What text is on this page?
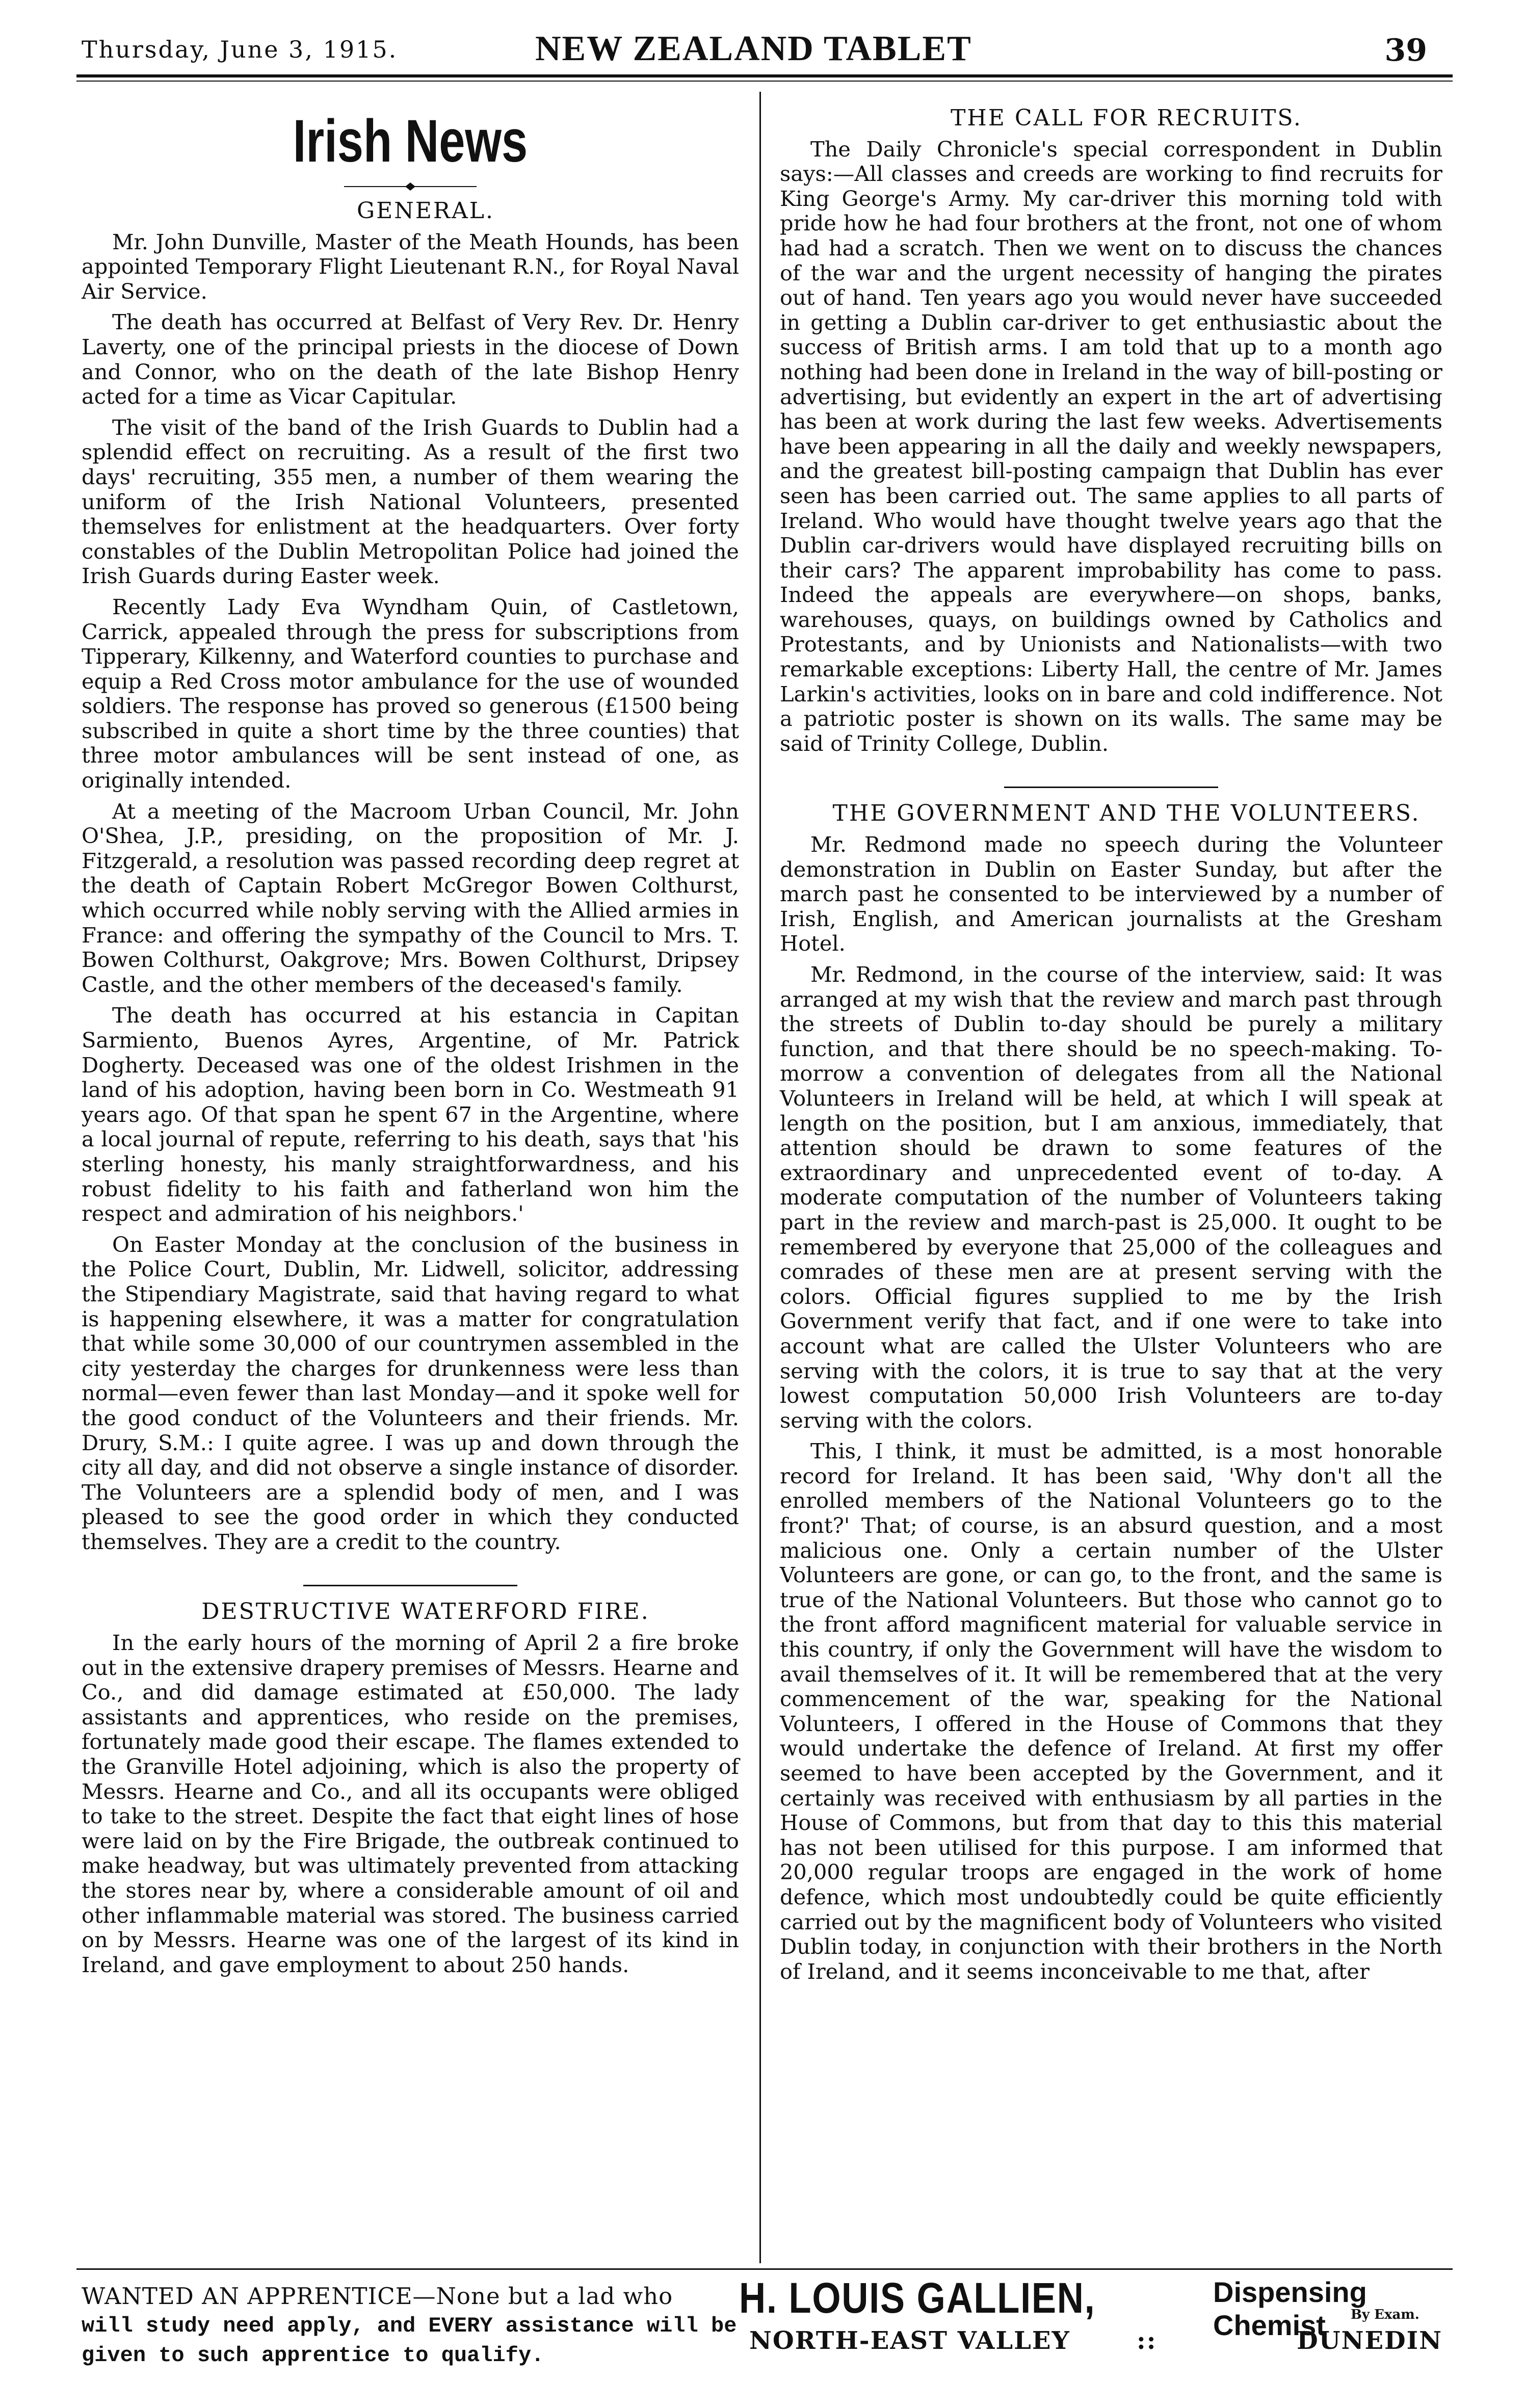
Thursday, June 3, 1915.	NEW ZEALAND TABLET	39
Irish News

GENERAL.

Mr. John Dunville, Master of the Meath Hounds, has been appointed Temporary Flight Lieutenant R.N., for Royal Naval Air Service.

The death has occurred at Belfast of Very Rev. Dr. Henry Laverty, one of the principal priests in the diocese of Down and Connor, who on the death of the late Bishop Henry acted for a time as Vicar Capitular.

The visit of the band of the Irish Guards to Dublin had a splendid effect on recruiting. As a result of the first two days' recruiting, 355 men, a number of them wearing the uniform of the Irish National Volunteers, presented themselves for enlistment at the headquarters. Over forty constables of the Dublin Metropolitan Police had joined the Irish Guards during Easter week.

Recently Lady Eva Wyndham Quin, of Castletown, Carrick, appealed through the press for subscriptions from Tipperary, Kilkenny, and Waterford counties to purchase and equip a Red Cross motor ambulance for the use of wounded soldiers. The response has proved so generous (£1500 being subscribed in quite a short time by the three counties) that three motor ambulances will be sent instead of one, as originally intended.

At a meeting of the Macroom Urban Council, Mr. John O'Shea, J.P., presiding, on the proposition of Mr. J. Fitzgerald, a resolution was passed recording deep regret at the death of Captain Robert McGregor Bowen Colthurst, which occurred while nobly serving with the Allied armies in France: and offering the sympathy of the Council to Mrs. T. Bowen Colthurst, Oakgrove; Mrs. Bowen Colthurst, Dripsey Castle, and the other members of the deceased's family.

The death has occurred at his estancia in Capitan Sarmiento, Buenos Ayres, Argentine, of Mr. Patrick Dogherty. Deceased was one of the oldest Irishmen in the land of his adoption, having been born in Co. Westmeath 91 years ago. Of that span he spent 67 in the Argentine, where a local journal of repute, referring to his death, says that 'his sterling honesty, his manly straightforwardness, and his robust fidelity to his faith and fatherland won him the respect and admiration of his neighbors.'

On Easter Monday at the conclusion of the business in the Police Court, Dublin, Mr. Lidwell, solicitor, addressing the Stipendiary Magistrate, said that having regard to what is happening elsewhere, it was a matter for congratulation that while some 30,000 of our countrymen assembled in the city yesterday the charges for drunkenness were less than normal—even fewer than last Monday—and it spoke well for the good conduct of the Volunteers and their friends. Mr. Drury, S.M.: I quite agree. I was up and down through the city all day, and did not observe a single instance of disorder. The Volunteers are a splendid body of men, and I was pleased to see the good order in which they conducted themselves. They are a credit to the country.

DESTRUCTIVE WATERFORD FIRE.

In the early hours of the morning of April 2 a fire broke out in the extensive drapery premises of Messrs. Hearne and Co., and did damage estimated at £50,000. The lady assistants and apprentices, who reside on the premises, fortunately made good their escape. The flames extended to the Granville Hotel adjoining, which is also the property of Messrs. Hearne and Co., and all its occupants were obliged to take to the street. Despite the fact that eight lines of hose were laid on by the Fire Brigade, the outbreak continued to make headway, but was ultimately prevented from attacking the stores near by, where a considerable amount of oil and other inflammable material was stored. The business carried on by Messrs. Hearne was one of the largest of its kind in Ireland, and gave employment to about 250 hands.

THE CALL FOR RECRUITS.

The Daily Chronicle's special correspondent in Dublin says:—All classes and creeds are working to find recruits for King George's Army. My car-driver this morning told with pride how he had four brothers at the front, not one of whom had had a scratch. Then we went on to discuss the chances of the war and the urgent necessity of hanging the pirates out of hand. Ten years ago you would never have succeeded in getting a Dublin car-driver to get enthusiastic about the success of British arms. I am told that up to a month ago nothing had been done in Ireland in the way of bill-posting or advertising, but evidently an expert in the art of advertising has been at work during the last few weeks. Advertisements have been appearing in all the daily and weekly newspapers, and the greatest bill-posting campaign that Dublin has ever seen has been carried out. The same applies to all parts of Ireland. Who would have thought twelve years ago that the Dublin car-drivers would have displayed recruiting bills on their cars? The apparent improbability has come to pass. Indeed the appeals are everywhere—on shops, banks, warehouses, quays, on buildings owned by Catholics and Protestants, and by Unionists and Nationalists—with two remarkable exceptions: Liberty Hall, the centre of Mr. James Larkin's activities, looks on in bare and cold indifference. Not a patriotic poster is shown on its walls. The same may be said of Trinity College, Dublin.

THE GOVERNMENT AND THE VOLUNTEERS.

Mr. Redmond made no speech during the Volunteer demonstration in Dublin on Easter Sunday, but after the march past he consented to be interviewed by a number of Irish, English, and American journalists at the Gresham Hotel.

Mr. Redmond, in the course of the interview, said: It was arranged at my wish that the review and march past through the streets of Dublin to-day should be purely a military function, and that there should be no speech-making. To-morrow a convention of delegates from all the National Volunteers in Ireland will be held, at which I will speak at length on the position, but I am anxious, immediately, that attention should be drawn to some features of the extraordinary and unprecedented event of to-day. A moderate computation of the number of Volunteers taking part in the review and march-past is 25,000. It ought to be remembered by everyone that 25,000 of the colleagues and comrades of these men are at present serving with the colors. Official figures supplied to me by the Irish Government verify that fact, and if one were to take into account what are called the Ulster Volunteers who are serving with the colors, it is true to say that at the very lowest computation 50,000 Irish Volunteers are to-day serving with the colors.

This, I think, it must be admitted, is a most honorable record for Ireland. It has been said, 'Why don't all the enrolled members of the National Volunteers go to the front?' That; of course, is an absurd question, and a most malicious one. Only a certain number of the Ulster Volunteers are gone, or can go, to the front, and the same is true of the National Volunteers. But those who cannot go to the front afford magnificent material for valuable service in this country, if only the Government will have the wisdom to avail themselves of it. It will be remembered that at the very commencement of the war, speaking for the National Volunteers, I offered in the House of Commons that they would undertake the defence of Ireland. At first my offer seemed to have been accepted by the Government, and it certainly was received with enthusiasm by all parties in the House of Commons, but from that day to this this material has not been utilised for this purpose. I am informed that 20,000 regular troops are engaged in the work of home defence, which most undoubtedly could be quite efficiently carried out by the magnificent body of Volunteers who visited Dublin today, in conjunction with their brothers in the North of Ireland, and it seems inconceivable to me that, after

WANTED AN APPRENTICE—None but a lad who
will study need apply, and EVERY assistance will be
given to such apprentice to qualify.
H. LOUIS GALLIEN,	Dispensing Chemist	By Exam.
NORTH-EAST VALLEY	::	DUNEDIN
